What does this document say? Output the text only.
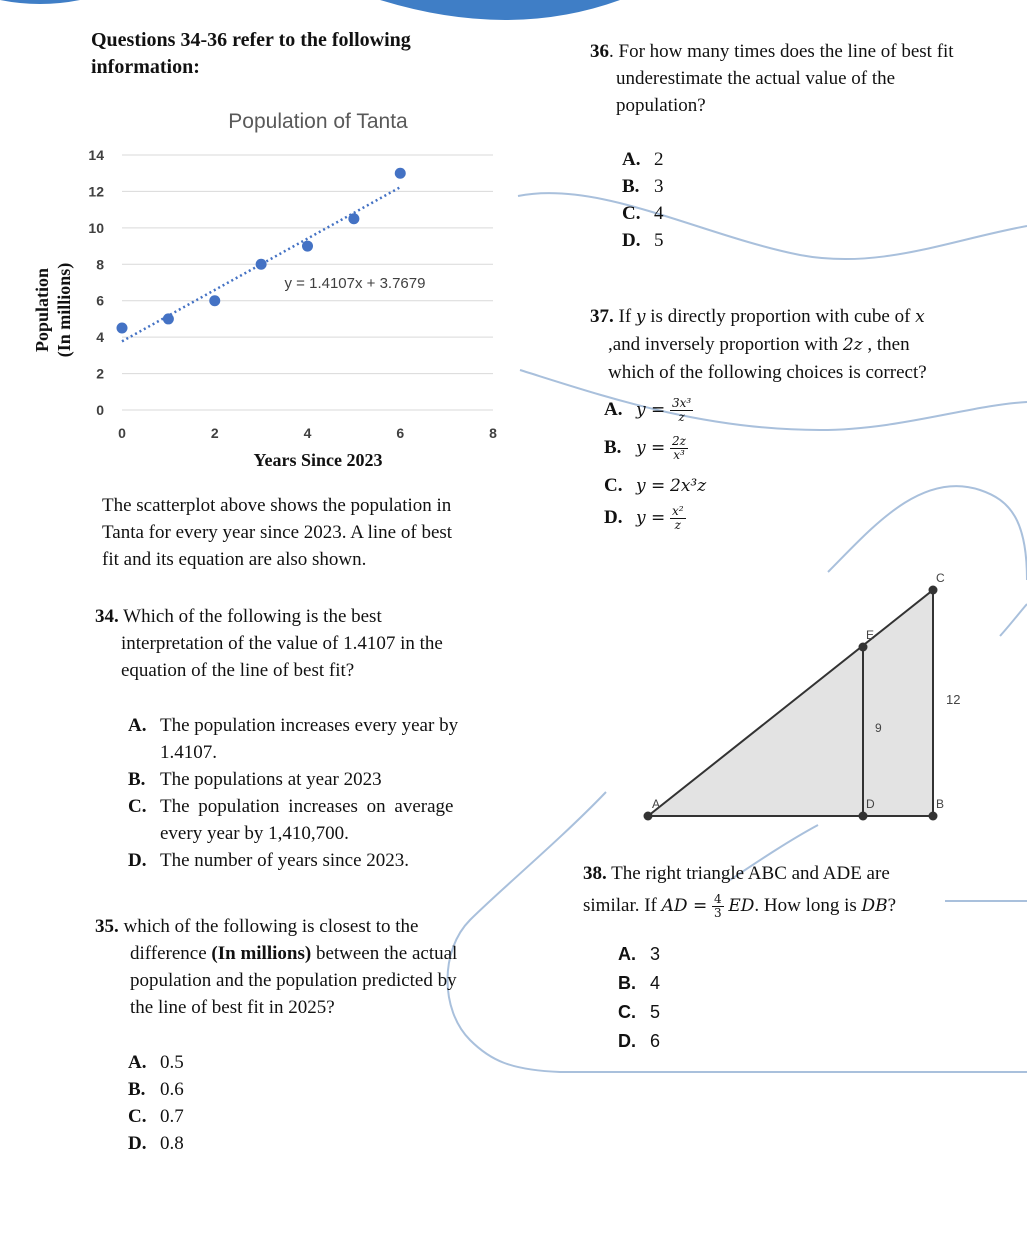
Questions 34-36 refer to the following
information:
Population of Tanta
0
2
4
6
8
10
12
14
0	2	4	6	8
y = 1.4107x + 3.7679
Years Since 2023
Population (In millions)
The scatterplot above shows the population in
Tanta for every year since 2023. A line of best
fit and its equation are also shown.
34. Which of the following is the best
interpretation of the value of 1.4107 in the
equation of the line of best fit?
A. The population increases every year by
1.4107.
B. The populations at year 2023
C. The population increases on average
every year by 1,410,700.
D. The number of years since 2023.
35. which of the following is closest to the
difference (In millions) between the actual
population and the population predicted by
the line of best fit in 2025?
A. 0.5
B. 0.6
C. 0.7
D. 0.8
36. For how many times does the line of best fit
underestimate the actual value of the
population?
A. 2
B. 3
C. 4
D. 5
37. If y is directly proportion with cube of x
,and inversely proportion with 2z , then
which of the following choices is correct?
A. $y = \frac{\text{3x³}}{z}$
B. $y = \frac{2z}{\text{x³}}$
C. y = 2x³z
D. $y = \frac{\text{x²}}{z}$
A	D	B
C
E
9
12
38. The right triangle ABC and ADE are
similar. If AD = $\frac{4}{3}$ ED. How long is DB?
A. 3
B. 4
C. 5
D. 6
